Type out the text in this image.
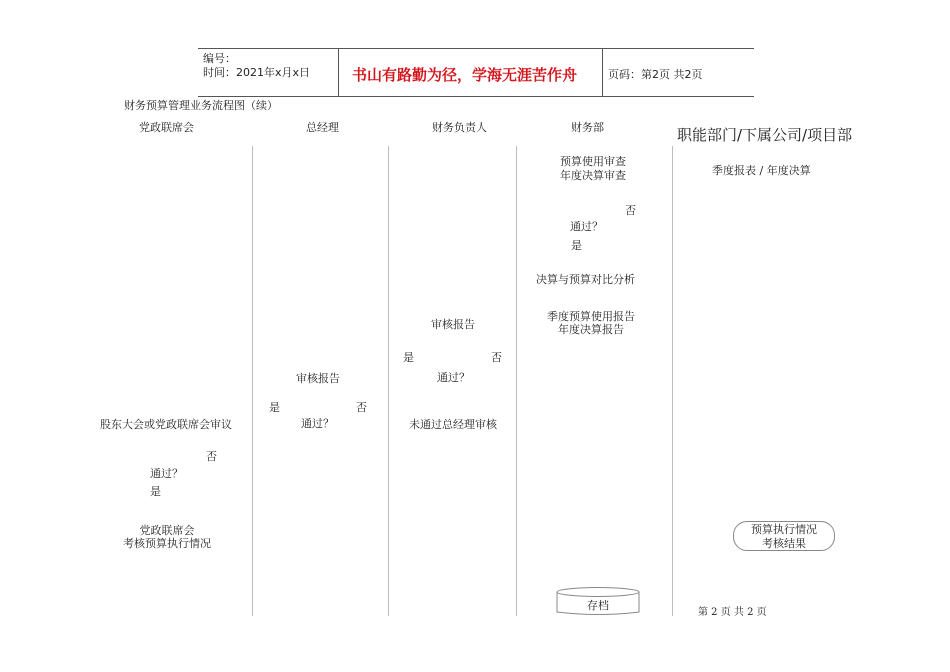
编号：
时间：2021年x月x日	书山有路勤为径，学海无涯苦作舟	页码：第2页 共2页
财务预算管理业务流程图（续）
党政联席会	总经理	财务负责人	财务部	职能部门/下属公司/项目部
季度报表 / 年度决算
预算执行情况
考核结果
预算使用审查
年度决算审查
否
通过？
是
决算与预算对比分析
季度预算使用报告
年度决算报告
存档
审核报告
是	否
通过？
未通过总经理审核
审核报告
是	否
通过？
股东大会或党政联席会审议
否
通过？
是
党政联席会
考核预算执行情况
第 2 页 共 2 页
